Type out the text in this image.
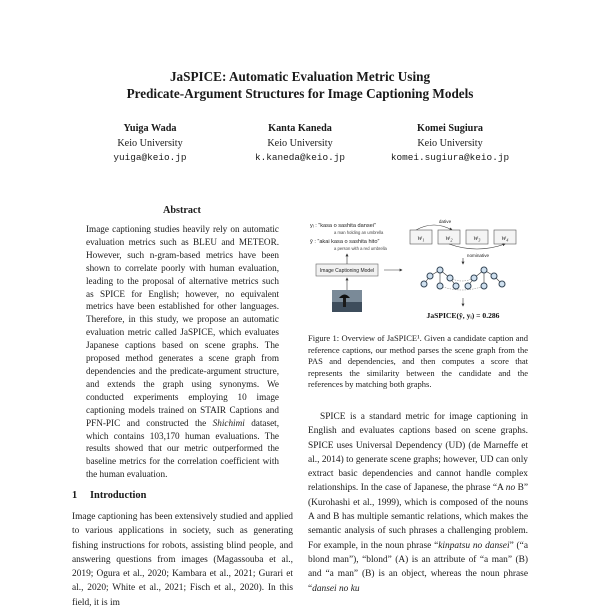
JaSPICE: Automatic Evaluation Metric Using
Predicate-Argument Structures for Image Captioning Models
Yuiga Wada
Keio University
yuiga@keio.jp
Kanta Kaneda
Keio University
k.kaneda@keio.jp
Komei Sugiura
Keio University
komei.sugiura@keio.jp
Abstract
Image captioning studies heavily rely on automatic evaluation metrics such as BLEU and METEOR. However, such n-gram-based metrics have been shown to correlate poorly with human evaluation, leading to the proposal of alternative metrics such as SPICE for English; however, no equivalent metrics have been established for other languages. Therefore, in this study, we propose an automatic evaluation metric called JaSPICE, which evaluates Japanese captions based on scene graphs. The proposed method generates a scene graph from dependencies and the predicate-argument structure, and extends the graph using synonyms. We conducted experiments employing 10 image captioning models trained on STAIR Captions and PFN-PIC and constructed the Shichimi dataset, which contains 103,170 human evaluations. The results showed that our metric outperformed the baseline metrics for the correlation coefficient with the human evaluation.
1 Introduction
Image captioning has been extensively studied and applied to various applications in society, such as generating fishing instructions for robots, assisting blind people, and answering questions from images (Magassouba et al., 2019; Ogura et al., 2020; Kambara et al., 2021; Gurari et al., 2020; White et al., 2021; Fisch et al., 2020). In this field, it is im
yᵢ : “kasa o sashita dansei”
a man holding an umbrella
ŷ : “akai kasa o sashita hito”
a person with a red umbrella
Image Captioning Model
dative
w₁	w₂	w₃	w₄
nominative
JaSPICE(ŷ, yᵢ) = 0.286
Figure 1: Overview of JaSPICE¹. Given a candidate caption and reference captions, our method parses the scene graph from the PAS and dependencies, and then computes a score that represents the similarity between the candidate and the references by matching both graphs.
SPICE is a standard metric for image captioning in English and evaluates captions based on scene graphs. SPICE uses Universal Dependency (UD) (de Marneffe et al., 2014) to generate scene graphs; however, UD can only extract basic dependencies and cannot handle complex relationships. In the case of Japanese, the phrase “A no B” (Kurohashi et al., 1999), which is composed of the nouns A and B has multiple semantic relations, which makes the semantic analysis of such phrases a challenging problem. For example, in the noun phrase “kinpatsu no dansei” (“a blond man”), “blond” (A) is an attribute of “a man” (B) and “a man” (B) is an object, whereas the noun phrase “dansei no ku
